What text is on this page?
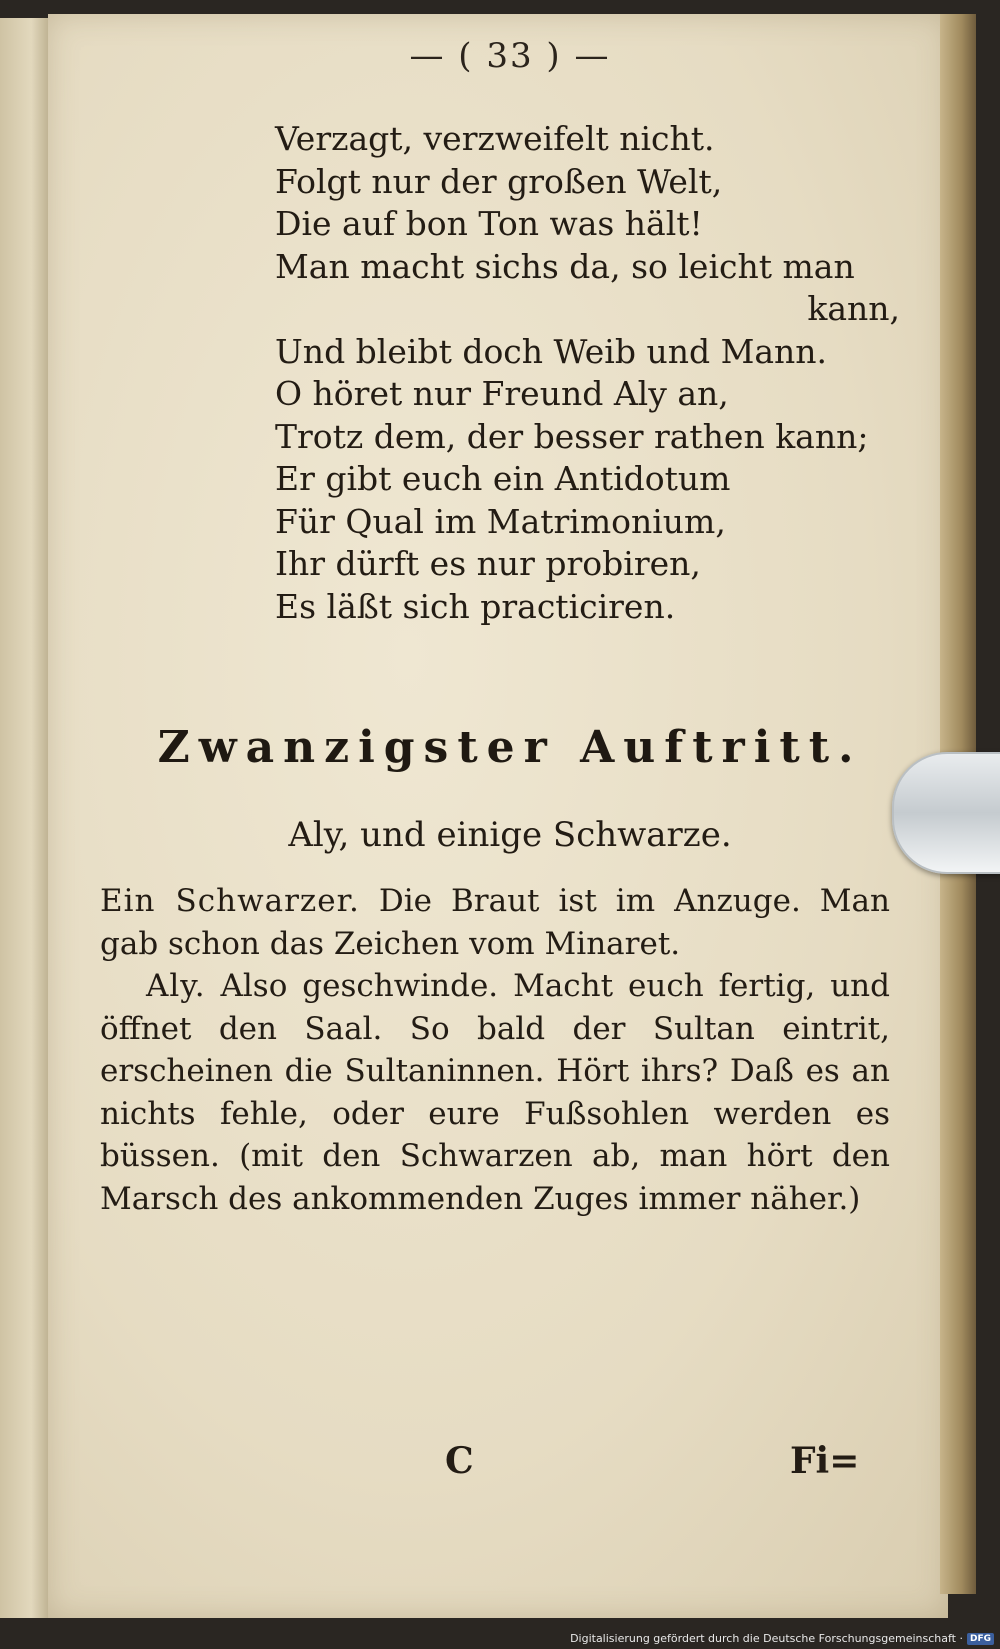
— ( 33 ) —
Verzagt, verzweifelt nicht.
Folgt nur der großen Welt,
Die auf bon Ton was hält!
Man macht sichs da, so leicht man
kann,
Und bleibt doch Weib und Mann.
O höret nur Freund Aly an,
Trotz dem, der besser rathen kann;
Er gibt euch ein Antidotum
Für Qual im Matrimonium,
Ihr dürft es nur probiren,
Es läßt sich practiciren.
Zwanzigster Auftritt.
Aly, und einige Schwarze.

Ein Schwarzer. Die Braut ist im Anzuge. Man gab schon das Zeichen vom Minaret.

Aly. Also geschwinde. Macht euch fertig, und öffnet den Saal. So bald der Sultan eintrit, erscheinen die Sultaninnen. Hört ihrs? Daß es an nichts fehle, oder eure Fußsohlen werden es büssen. (mit den Schwarzen ab, man hört den Marsch des ankommenden Zuges immer näher.)

C	Fi=
Digitalisierung gefördert durch die Deutsche Forschungsgemeinschaft · DFG
